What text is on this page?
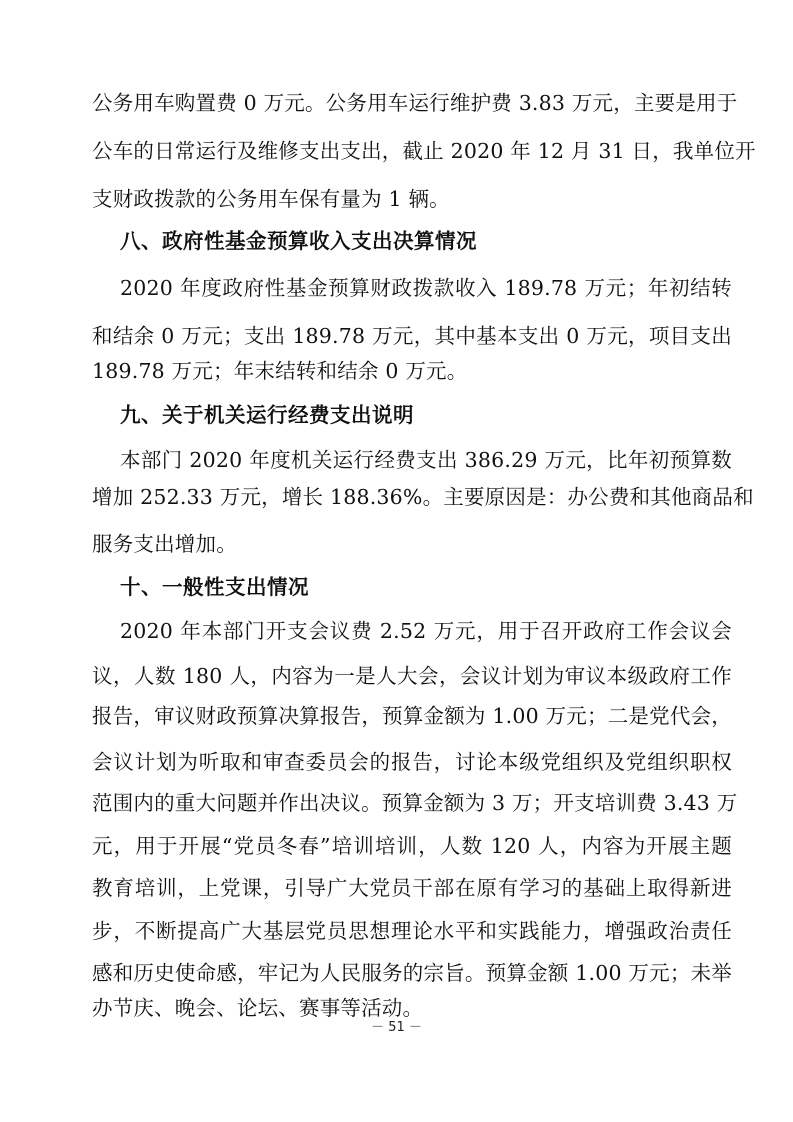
公务用车购置费 0 万元。公务用车运行维护费 3.83 万元，主要是用于
公车的日常运行及维修支出支出，截止 2020 年 12 月 31 日，我单位开
支财政拨款的公务用车保有量为 1 辆。
八、政府性基金预算收入支出决算情况
2020 年度政府性基金预算财政拨款收入 189.78 万元；年初结转
和结余 0 万元；支出 189.78 万元，其中基本支出 0 万元，项目支出
189.78 万元；年末结转和结余 0 万元。
九、关于机关运行经费支出说明
本部门 2020 年度机关运行经费支出 386.29 万元，比年初预算数
增加 252.33 万元，增长 188.36%。主要原因是：办公费和其他商品和
服务支出增加。
十、一般性支出情况
2020 年本部门开支会议费 2.52 万元，用于召开政府工作会议会
议，人数 180 人，内容为一是人大会，会议计划为审议本级政府工作
报告，审议财政预算决算报告，预算金额为 1.00 万元；二是党代会，
会议计划为听取和审查委员会的报告，讨论本级党组织及党组织职权
范围内的重大问题并作出决议。预算金额为 3 万；开支培训费 3.43 万
元，用于开展“党员冬春”培训培训，人数 120 人，内容为开展主题
教育培训，上党课，引导广大党员干部在原有学习的基础上取得新进
步，不断提高广大基层党员思想理论水平和实践能力，增强政治责任
感和历史使命感，牢记为人民服务的宗旨。预算金额 1.00 万元；未举
办节庆、晚会、论坛、赛事等活动。
－ 51 －
